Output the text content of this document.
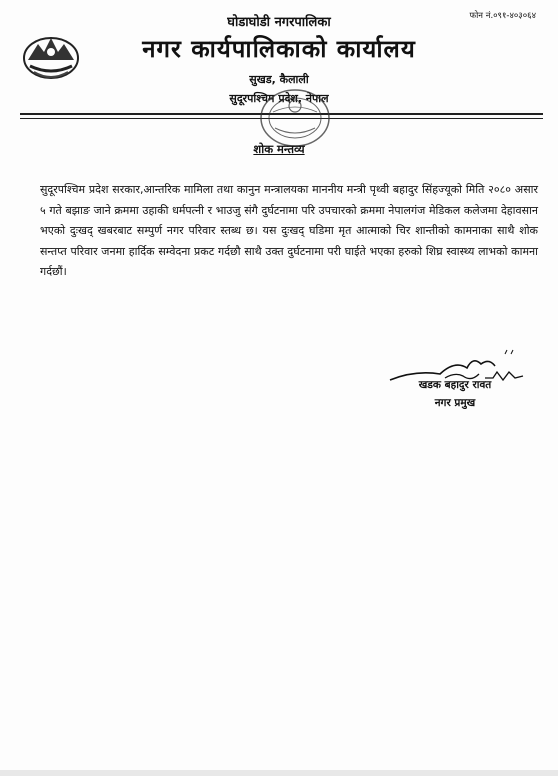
घोडाघोडी नगरपालिका	फोन नं.०९१-४०३०६४
नगर कार्यपालिकाको कार्यालय
सुखड, कैलाली
सुदूरपश्चिम प्रदेश, नेपाल
शोक मन्तव्य
सुदूरपश्चिम प्रदेश सरकार,आन्तरिक मामिला तथा कानुन मन्त्रालयका माननीय मन्त्री पृथ्वी बहादुर सिंहज्यूको मिति २०८० असार ५ गते बझाङ जाने क्रममा उहाकी धर्मपत्नी र भाउजु संगै दुर्घटनामा परि उपचारको क्रममा नेपालगंज मेडिकल कलेजमा देहावसान भएको दुःखद् खबरबाट सम्पुर्ण नगर परिवार स्तब्ध छ। यस दुःखद् घडिमा मृत आत्माको चिर शान्तीको कामनाका साथै शोक सन्तप्त परिवार जनमा हार्दिक सम्वेदना प्रकट गर्दछौ साथै उक्त दुर्घटनामा परी घाईते भएका हरुको शिघ्र स्वास्थ्य लाभको कामना गर्दछौं।
खडक बहादुर रावत
नगर प्रमुख
